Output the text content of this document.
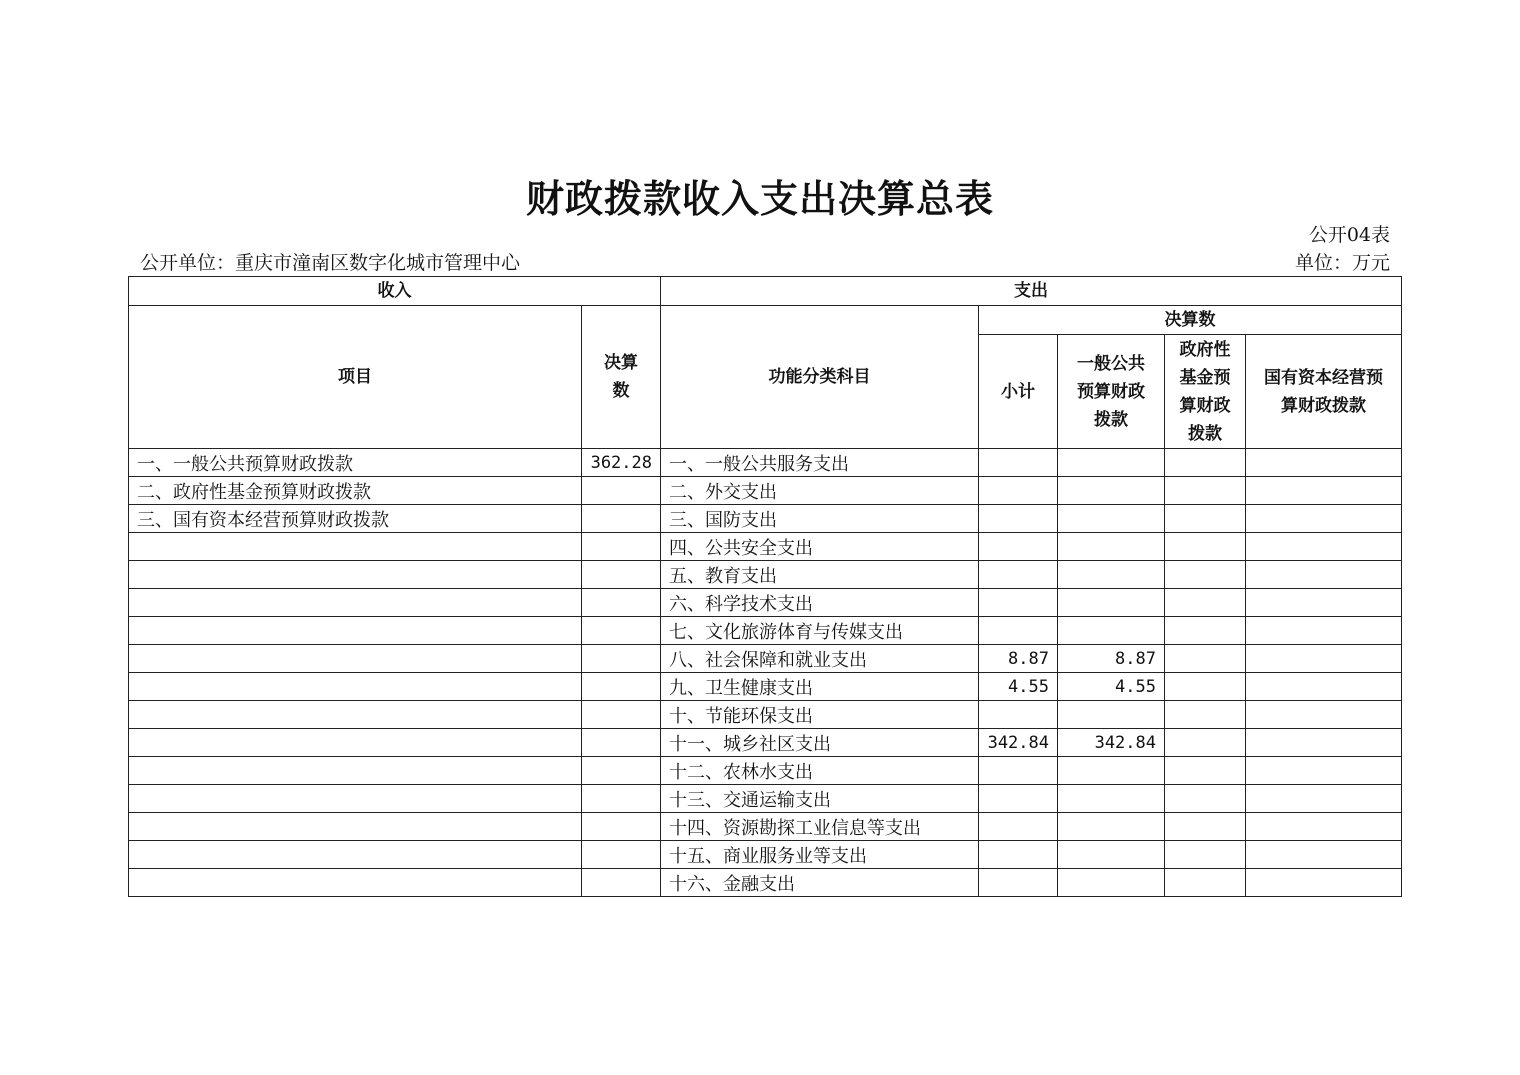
财政拨款收入支出决算总表
公开04表
公开单位：重庆市潼南区数字化城市管理中心	单位：万元
收入		支出				
项目	决算数	功能分类科目	决算数			
			小计	一般公共预算财政拨款	政府性基金预算财政拨款	国有资本经营预算财政拨款
一、一般公共预算财政拨款	362.28	一、一般公共服务支出				
二、政府性基金预算财政拨款		二、外交支出				
三、国有资本经营预算财政拨款		三、国防支出				
		四、公共安全支出				
		五、教育支出				
		六、科学技术支出				
		七、文化旅游体育与传媒支出				
		八、社会保障和就业支出	8.87	8.87		
		九、卫生健康支出	4.55	4.55		
		十、节能环保支出				
		十一、城乡社区支出	342.84	342.84		
		十二、农林水支出				
		十三、交通运输支出				
		十四、资源勘探工业信息等支出				
		十五、商业服务业等支出				
		十六、金融支出				
